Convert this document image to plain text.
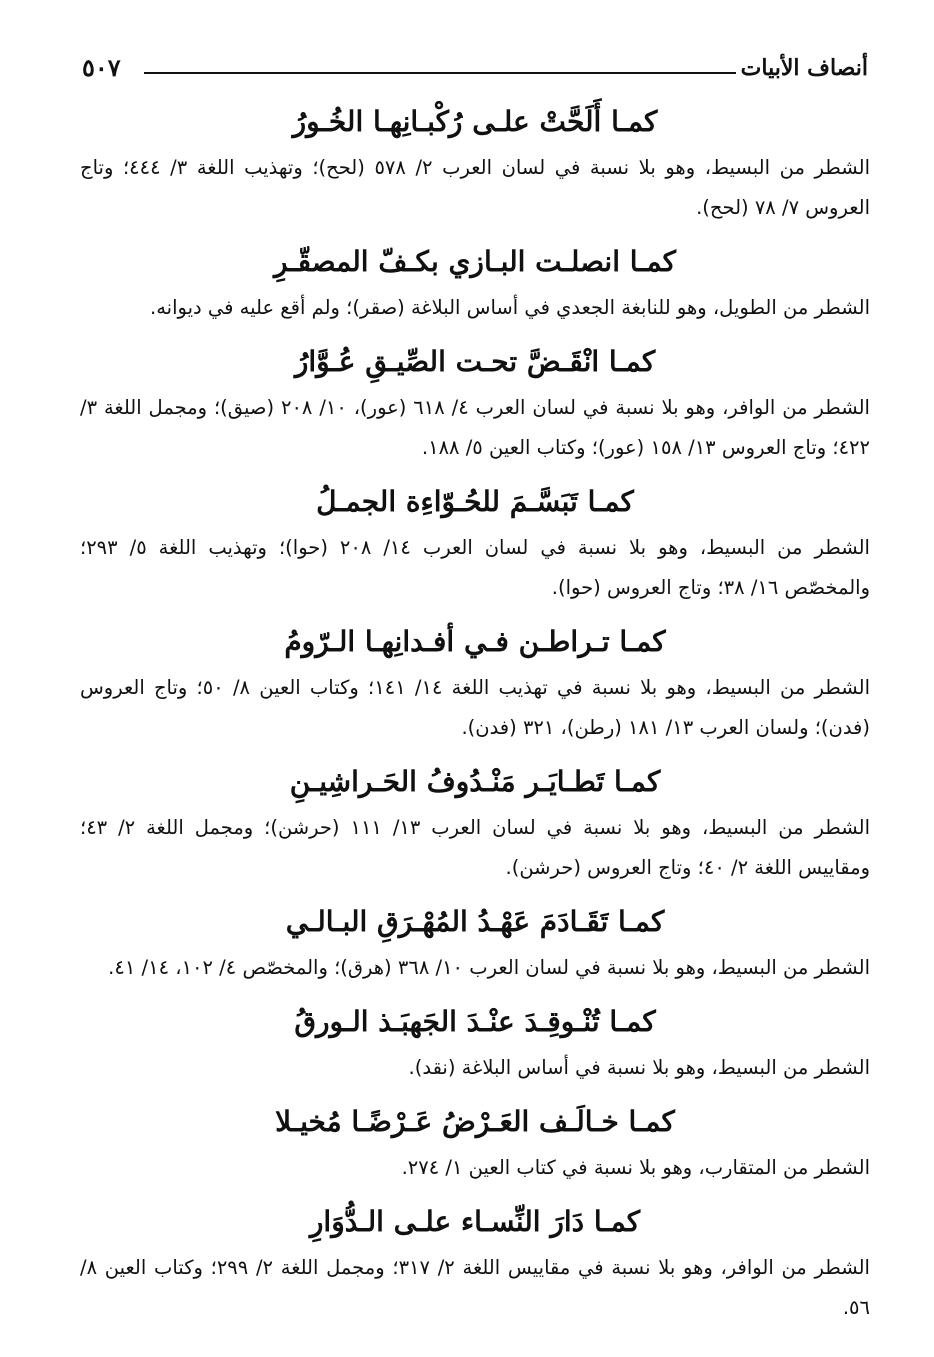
أنصاف الأبيات
٥٠٧
كمـا أَلَحَّتْ علـى رُكْبـانِهـا الخُـورُ

الشطر من البسيط، وهو بلا نسبة في لسان العرب ٢/ ٥٧٨ (لحح)؛ وتهذيب اللغة ٣/ ٤٤٤؛ وتاج العروس ٧/ ٧٨ (لحح).

كمـا انصلـت البـازي بكـفّ المصقّـرِ

الشطر من الطويل، وهو للنابغة الجعدي في أساس البلاغة (صقر)؛ ولم أقع عليه في ديوانه.

كمـا انْقَـضَّ تحـت الصِّيـقِ عُـوَّارُ

الشطر من الوافر، وهو بلا نسبة في لسان العرب ٤/ ٦١٨ (عور)، ١٠/ ٢٠٨ (صيق)؛ ومجمل اللغة ٣/ ٤٢٢؛ وتاج العروس ١٣/ ١٥٨ (عور)؛ وكتاب العين ٥/ ١٨٨.

كمـا تَبَسَّـمَ للحُـوّاءِة الجمـلُ

الشطر من البسيط، وهو بلا نسبة في لسان العرب ١٤/ ٢٠٨ (حوا)؛ وتهذيب اللغة ٥/ ٢٩٣؛ والمخصّص ١٦/ ٣٨؛ وتاج العروس (حوا).

كمـا تـراطـن فـي أفـدانِهـا الـرّومُ

الشطر من البسيط، وهو بلا نسبة في تهذيب اللغة ١٤/ ١٤١؛ وكتاب العين ٨/ ٥٠؛ وتاج العروس (فدن)؛ ولسان العرب ١٣/ ١٨١ (رطن)، ٣٢١ (فدن).

كمـا تَطـايَـر مَنْـدُوفُ الحَـراشِيـنِ

الشطر من البسيط، وهو بلا نسبة في لسان العرب ١٣/ ١١١ (حرشن)؛ ومجمل اللغة ٢/ ٤٣؛ ومقاييس اللغة ٢/ ٤٠؛ وتاج العروس (حرشن).

كمـا تَقَـادَمَ عَهْـدُ المُهْـرَقِ البـالـي

الشطر من البسيط، وهو بلا نسبة في لسان العرب ١٠/ ٣٦٨ (هرق)؛ والمخصّص ٤/ ١٠٢، ١٤/ ٤١.

كمـا تُنْـوقِـدَ عنْـدَ الجَهبَـذ الـورقُ

الشطر من البسيط، وهو بلا نسبة في أساس البلاغة (نقد).

كمـا خـالَـف العَـرْضُ عَـرْضًـا مُخيـلا

الشطر من المتقارب، وهو بلا نسبة في كتاب العين ١/ ٢٧٤.

كمـا دَارَ النِّسـاء علـى الـدُّوَارِ

الشطر من الوافر، وهو بلا نسبة في مقاييس اللغة ٢/ ٣١٧؛ ومجمل اللغة ٢/ ٢٩٩؛ وكتاب العين ٨/ ٥٦.
